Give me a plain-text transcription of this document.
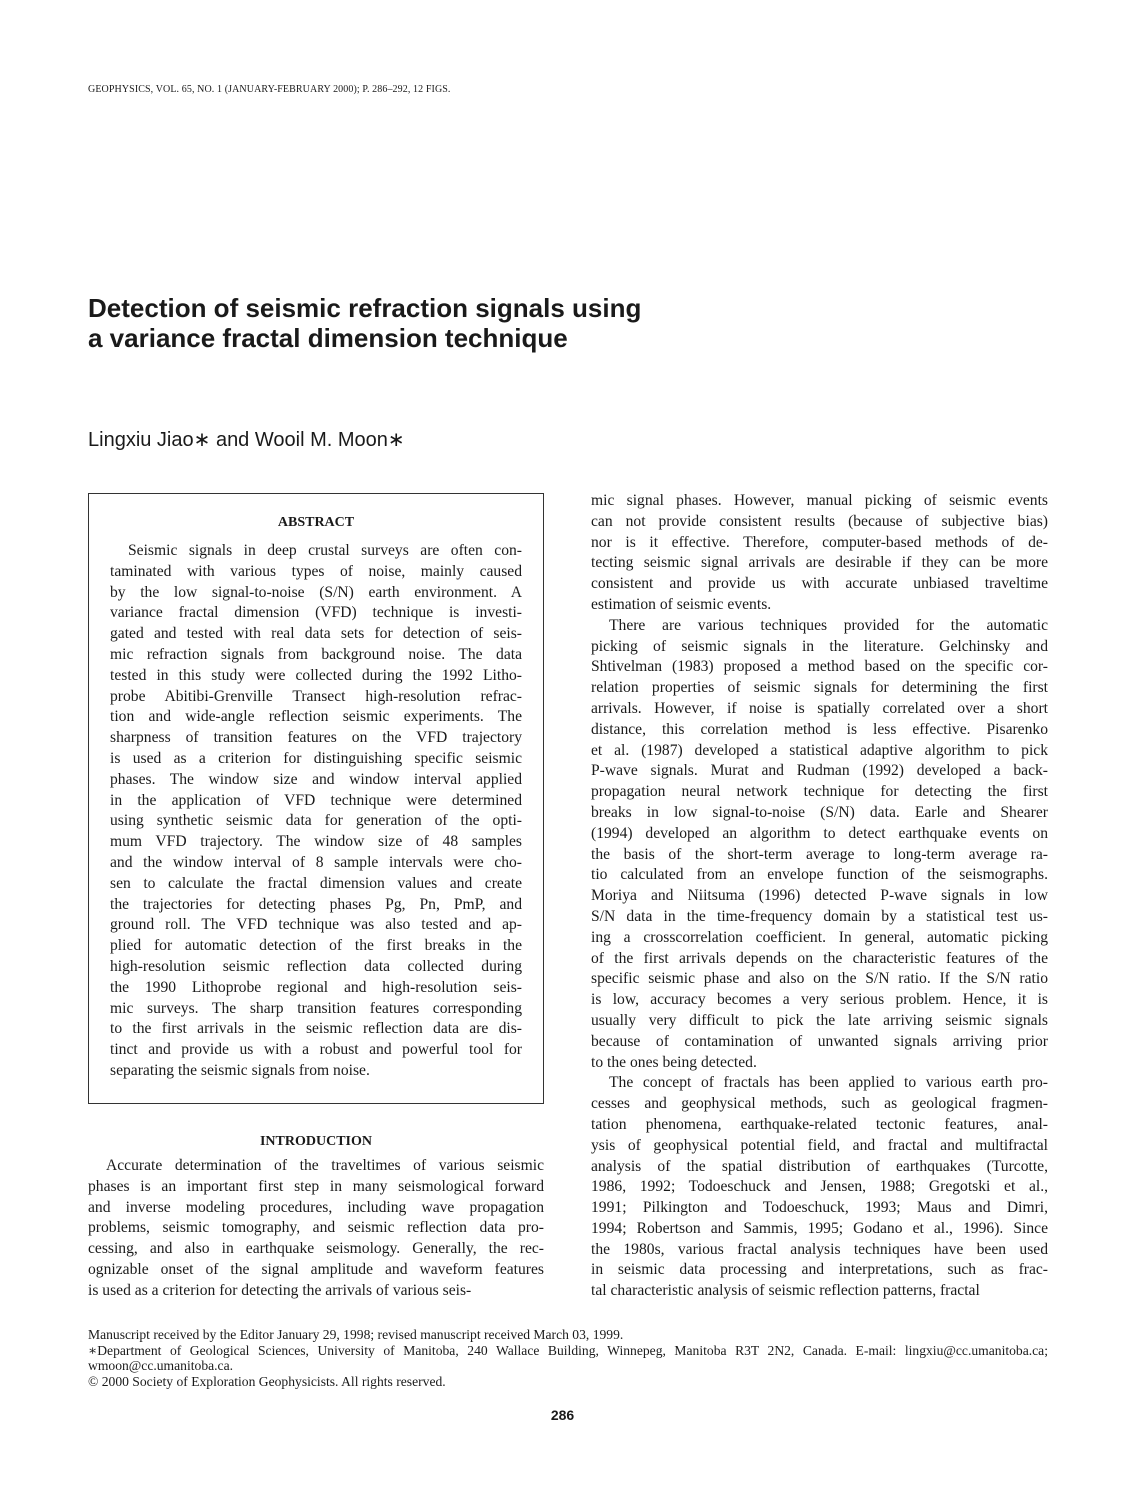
GEOPHYSICS, VOL. 65, NO. 1 (JANUARY-FEBRUARY 2000); P. 286–292, 12 FIGS.
Detection of seismic refraction signals using
a variance fractal dimension technique
Lingxiu Jiao∗ and Wooil M. Moon∗
ABSTRACT
Seismic signals in deep crustal surveys are often con-
taminated with various types of noise, mainly caused
by the low signal-to-noise (S/N) earth environment. A
variance fractal dimension (VFD) technique is investi-
gated and tested with real data sets for detection of seis-
mic refraction signals from background noise. The data
tested in this study were collected during the 1992 Litho-
probe Abitibi-Grenville Transect high-resolution refrac-
tion and wide-angle reflection seismic experiments. The
sharpness of transition features on the VFD trajectory
is used as a criterion for distinguishing specific seismic
phases. The window size and window interval applied
in the application of VFD technique were determined
using synthetic seismic data for generation of the opti-
mum VFD trajectory. The window size of 48 samples
and the window interval of 8 sample intervals were cho-
sen to calculate the fractal dimension values and create
the trajectories for detecting phases Pg, Pn, PmP, and
ground roll. The VFD technique was also tested and ap-
plied for automatic detection of the first breaks in the
high-resolution seismic reflection data collected during
the 1990 Lithoprobe regional and high-resolution seis-
mic surveys. The sharp transition features corresponding
to the first arrivals in the seismic reflection data are dis-
tinct and provide us with a robust and powerful tool for
separating the seismic signals from noise.
INTRODUCTION
Accurate determination of the traveltimes of various seismic
phases is an important first step in many seismological forward
and inverse modeling procedures, including wave propagation
problems, seismic tomography, and seismic reflection data pro-
cessing, and also in earthquake seismology. Generally, the rec-
ognizable onset of the signal amplitude and waveform features
is used as a criterion for detecting the arrivals of various seis-
mic signal phases. However, manual picking of seismic events
can not provide consistent results (because of subjective bias)
nor is it effective. Therefore, computer-based methods of de-
tecting seismic signal arrivals are desirable if they can be more
consistent and provide us with accurate unbiased traveltime
estimation of seismic events.
There are various techniques provided for the automatic
picking of seismic signals in the literature. Gelchinsky and
Shtivelman (1983) proposed a method based on the specific cor-
relation properties of seismic signals for determining the first
arrivals. However, if noise is spatially correlated over a short
distance, this correlation method is less effective. Pisarenko
et al. (1987) developed a statistical adaptive algorithm to pick
P-wave signals. Murat and Rudman (1992) developed a back-
propagation neural network technique for detecting the first
breaks in low signal-to-noise (S/N) data. Earle and Shearer
(1994) developed an algorithm to detect earthquake events on
the basis of the short-term average to long-term average ra-
tio calculated from an envelope function of the seismographs.
Moriya and Niitsuma (1996) detected P-wave signals in low
S/N data in the time-frequency domain by a statistical test us-
ing a crosscorrelation coefficient. In general, automatic picking
of the first arrivals depends on the characteristic features of the
specific seismic phase and also on the S/N ratio. If the S/N ratio
is low, accuracy becomes a very serious problem. Hence, it is
usually very difficult to pick the late arriving seismic signals
because of contamination of unwanted signals arriving prior
to the ones being detected.
The concept of fractals has been applied to various earth pro-
cesses and geophysical methods, such as geological fragmen-
tation phenomena, earthquake-related tectonic features, anal-
ysis of geophysical potential field, and fractal and multifractal
analysis of the spatial distribution of earthquakes (Turcotte,
1986, 1992; Todoeschuck and Jensen, 1988; Gregotski et al.,
1991; Pilkington and Todoeschuck, 1993; Maus and Dimri,
1994; Robertson and Sammis, 1995; Godano et al., 1996). Since
the 1980s, various fractal analysis techniques have been used
in seismic data processing and interpretations, such as frac-
tal characteristic analysis of seismic reflection patterns, fractal
Manuscript received by the Editor January 29, 1998; revised manuscript received March 03, 1999.
∗Department of Geological Sciences, University of Manitoba, 240 Wallace Building, Winnepeg, Manitoba R3T 2N2, Canada. E-mail: lingxiu@cc.umanitoba.ca; wmoon@cc.umanitoba.ca.
© 2000 Society of Exploration Geophysicists. All rights reserved.
286
